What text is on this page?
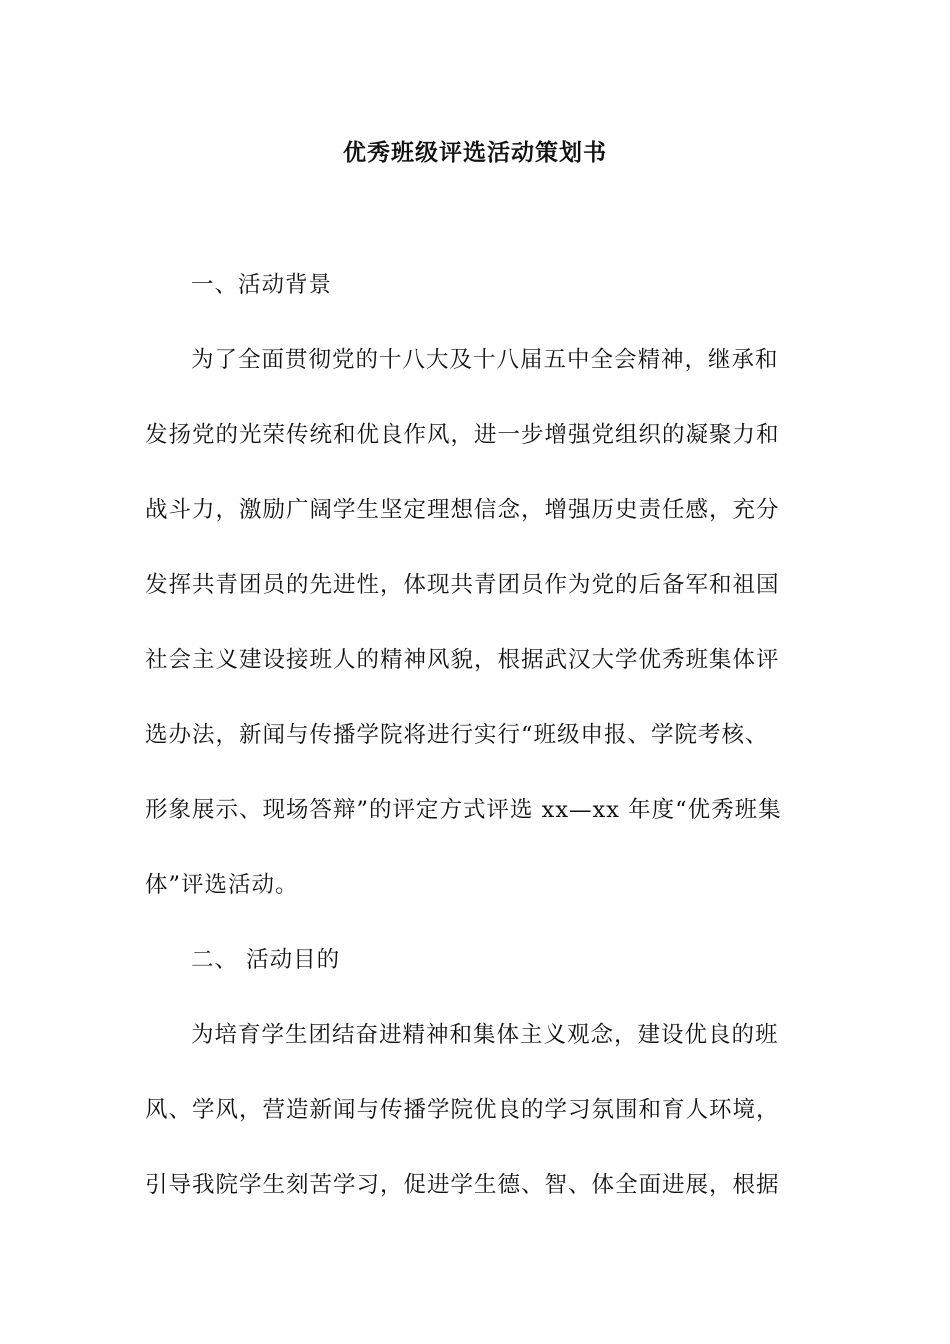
优秀班级评选活动策划书
一、活动背景
为了全面贯彻党的十八大及十八届五中全会精神，继承和
发扬党的光荣传统和优良作风，进一步增强党组织的凝聚力和
战斗力，激励广阔学生坚定理想信念，增强历史责任感，充分
发挥共青团员的先进性，体现共青团员作为党的后备军和祖国
社会主义建设接班人的精神风貌，根据武汉大学优秀班集体评
选办法，新闻与传播学院将进行实行“班级申报、学院考核、
形象展示、现场答辩”的评定方式评选 xx—xx 年度“优秀班集
体”评选活动。
二、 活动目的
为培育学生团结奋进精神和集体主义观念，建设优良的班
风、学风，营造新闻与传播学院优良的学习氛围和育人环境，
引导我院学生刻苦学习，促进学生德、智、体全面进展，根据
